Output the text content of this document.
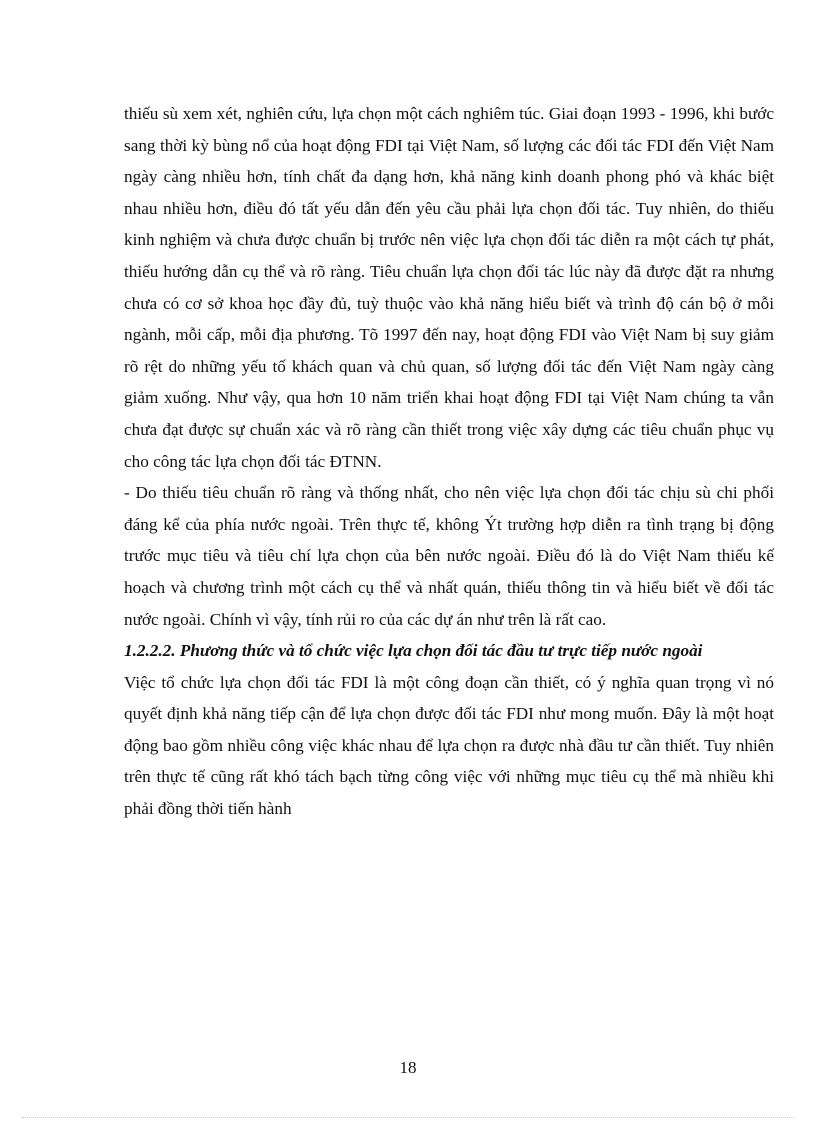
thiếu sù xem xét, nghiên cứu, lựa chọn một cách nghiêm túc. Giai đoạn 1993 - 1996, khi bước sang thời kỳ bùng nổ của hoạt động FDI tại Việt Nam, số lượng các đối tác FDI đến Việt Nam ngày càng nhiều hơn, tính chất đa dạng hơn, khả năng kinh doanh phong phó và khác biệt nhau nhiều hơn, điều đó tất yếu dẫn đến yêu cầu phải lựa chọn đối tác. Tuy nhiên, do thiếu kinh nghiệm và chưa được chuẩn bị trước nên việc lựa chọn đối tác diễn ra một cách tự phát, thiếu hướng dẫn cụ thể và rõ ràng. Tiêu chuẩn lựa chọn đối tác lúc này đã được đặt ra nhưng chưa có cơ sở khoa học đầy đủ, tuỳ thuộc vào khả năng hiểu biết và trình độ cán bộ ở mỗi ngành, mỗi cấp, mỗi địa phương. Tõ 1997 đến nay, hoạt động FDI vào Việt Nam bị suy giảm rõ rệt do những yếu tố khách quan và chủ quan, số lượng đối tác đến Việt Nam ngày càng giảm xuống. Như vậy, qua hơn 10 năm triển khai hoạt động FDI tại Việt Nam chúng ta vẫn chưa đạt được sự chuẩn xác và rõ ràng cần thiết trong việc xây dựng các tiêu chuẩn phục vụ cho công tác lựa chọn đối tác ĐTNN.

- Do thiếu tiêu chuẩn rõ ràng và thống nhất, cho nên việc lựa chọn đối tác chịu sù chi phối đáng kể của phía nước ngoài. Trên thực tế, không Ýt trường hợp diễn ra tình trạng bị động trước mục tiêu và tiêu chí lựa chọn của bên nước ngoài. Điều đó là do Việt Nam thiếu kế hoạch và chương trình một cách cụ thể và nhất quán, thiếu thông tin và hiểu biết về đối tác nước ngoài. Chính vì vậy, tính rủi ro của các dự án như trên là rất cao.

1.2.2.2. Phương thức và tổ chức việc lựa chọn đối tác đầu tư trực tiếp nước ngoài

Việc tổ chức lựa chọn đối tác FDI là một công đoạn cần thiết, có ý nghĩa quan trọng vì nó quyết định khả năng tiếp cận để lựa chọn được đối tác FDI như mong muốn. Đây là một hoạt động bao gồm nhiều công việc khác nhau để lựa chọn ra được nhà đầu tư cần thiết. Tuy nhiên trên thực tế cũng rất khó tách bạch từng công việc với những mục tiêu cụ thể mà nhiều khi phải đồng thời tiến hành

18
